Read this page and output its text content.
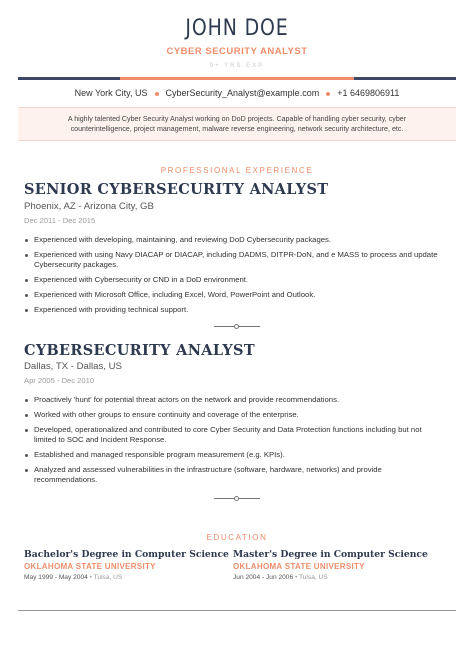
JOHN DOE
CYBER SECURITY ANALYST
9+ YRS EXP
New York City, US CyberSecurity_Analyst@example.com +1 6469806911
A highly talented Cyber Security Analyst working on DoD projects. Capable of handling cyber security, cyber counterintelligence, project management, malware reverse engineering, network security architecture, etc.
PROFESSIONAL EXPERIENCE
SENIOR CYBERSECURITY ANALYST
Phoenix, AZ - Arizona City, GB
Dec 2011 - Dec 2015
Experienced with developing, maintaining, and reviewing DoD Cybersecurity packages.
Experienced with using Navy DIACAP or DIACAP, including DADMS, DITPR-DoN, and e MASS to process and update Cybersecurity packages.
Experienced with Cybersecurity or CND in a DoD environment.
Experienced with Microsoft Office, including Excel, Word, PowerPoint and Outlook.
Experienced with providing technical support.
CYBERSECURITY ANALYST
Dallas, TX - Dallas, US
Apr 2005 - Dec 2010
Proactively 'hunt' for potential threat actors on the network and provide recommendations.
Worked with other groups to ensure continuity and coverage of the enterprise.
Developed, operationalized and contributed to core Cyber Security and Data Protection functions including but not limited to SOC and Incident Response.
Established and managed responsible program measurement (e.g. KPIs).
Analyzed and assessed vulnerabilities in the infrastructure (software, hardware, networks) and provide recommendations.
EDUCATION
Bachelor's Degree in Computer Science
OKLAHOMA STATE UNIVERSITY
May 1999 - May 2004 • Tulsa, US
Master's Degree in Computer Science
OKLAHOMA STATE UNIVERSITY
Jun 2004 - Jun 2006 • Tulsa, US
